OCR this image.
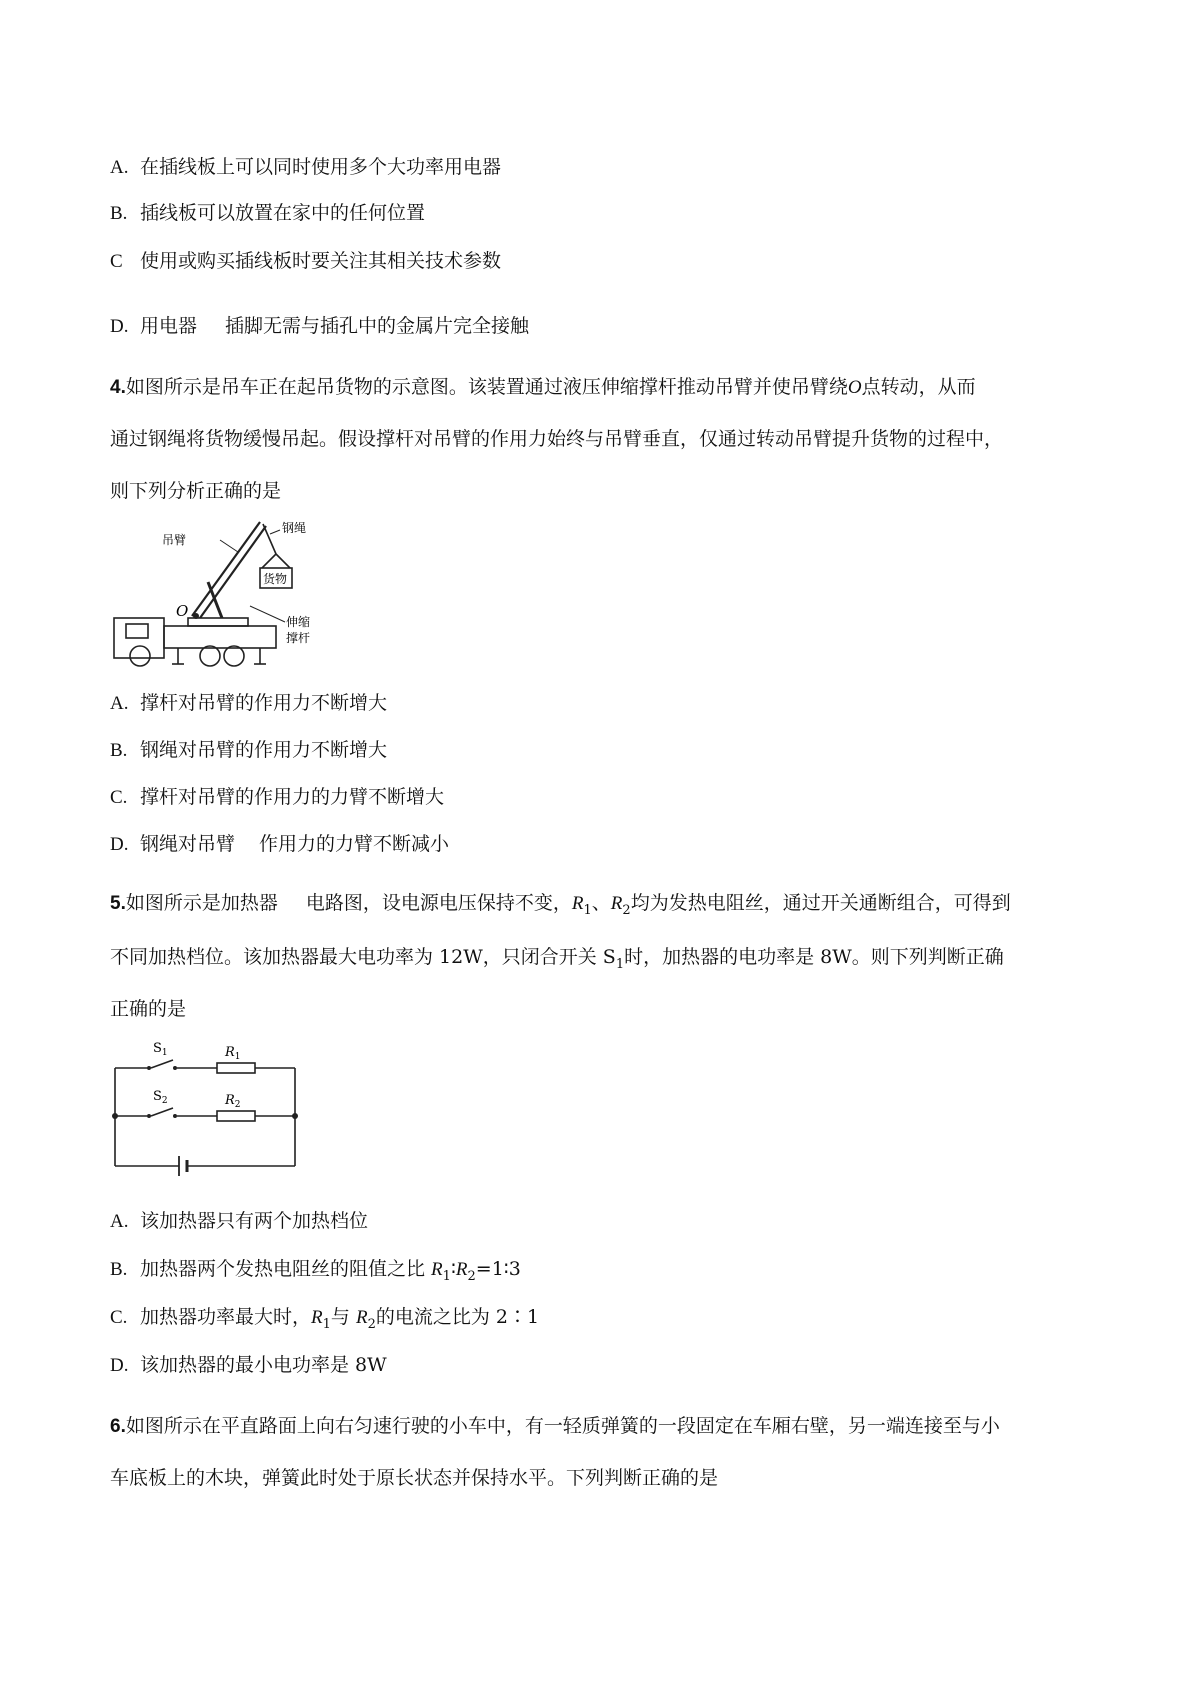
A. 在插线板上可以同时使用多个大功率用电器
B. 插线板可以放置在家中的任何位置
C 使用或购买插线板时要关注其相关技术参数
D. 用电器 插脚无需与插孔中的金属片完全接触
4.如图所示是吊车正在起吊货物的示意图。该装置通过液压伸缩撑杆推动吊臂并使吊臂绕O点转动，从而
通过钢绳将货物缓慢吊起。假设撑杆对吊臂的作用力始终与吊臂垂直，仅通过转动吊臂提升货物的过程中，
则下列分析正确的是
吊臂
钢绳
货物
O
伸缩
撑杆
A. 撑杆对吊臂的作用力不断增大
B. 钢绳对吊臂的作用力不断增大
C. 撑杆对吊臂的作用力的力臂不断增大
D. 钢绳对吊臂 作用力的力臂不断减小
5.如图所示是加热器 电路图，设电源电压保持不变，$R_1$、$R_2$均为发热电阻丝，通过开关通断组合，可得到
不同加热档位。该加热器最大电功率为 12W，只闭合开关 $S_1$时，加热器的电功率是 8W。则下列判断正确
正确的是
$S_1$
$S_2$
$R_1$
$R_2$
A. 该加热器只有两个加热档位
B. 加热器两个发热电阻丝的阻值之比 $R_1∶R_2=1∶3$
C. 加热器功率最大时，$R_1$与 $R_2$的电流之比为 2∶1
D. 该加热器的最小电功率是 8W
6.如图所示在平直路面上向右匀速行驶的小车中，有一轻质弹簧的一段固定在车厢右壁，另一端连接至与小
车底板上的木块，弹簧此时处于原长状态并保持水平。下列判断正确的是
